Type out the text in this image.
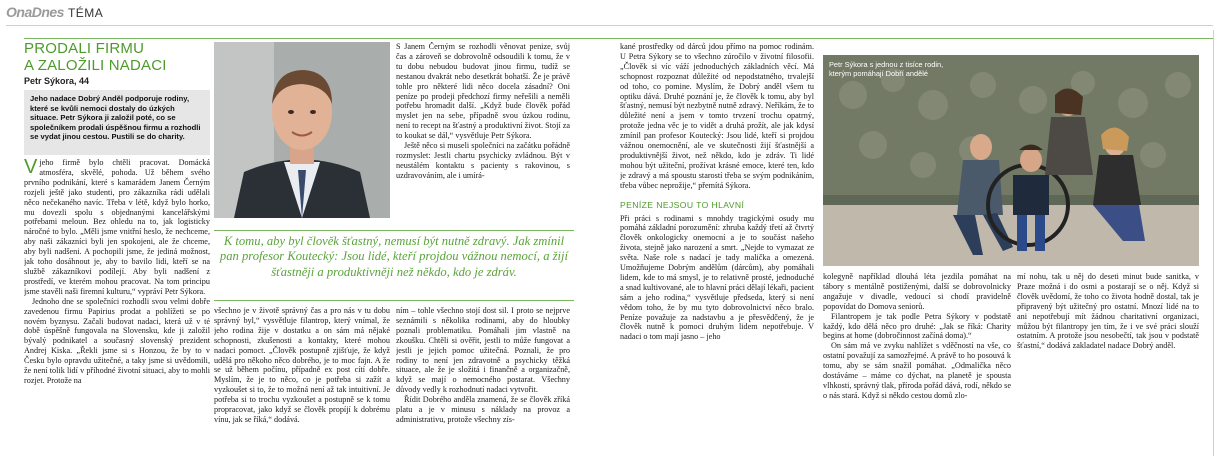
OnaDnes TÉMA
PRODALI FIRMU
A ZALOŽILI NADACI
Petr Sýkora, 44
Jeho nadace Dobrý Anděl podporuje rodiny, které se kvůli nemoci dostaly do úzkých situace. Petr Sýkora ji založil poté, co se společníkem prodali úspěšnou firmu a rozhodli se vydat jinou cestou. Pustili se do charity.

Vjeho firmě bylo chtěli pracovat. Domácká atmosféra, skvělé, pohoda. Už během svého prvního podnikání, které s kamarádem Janem Černým rozjeli ještě jako studenti, pro zákazníka rádi udělali něco nečekaného navíc. Třeba v létě, když bylo horko, mu dovezli spolu s objednanými kancelářskými potřebami meloun. Bez ohledu na to, jak logisticky náročné to bylo. „Měli jsme vnitřní heslo, že nechceme, aby naši zákazníci byli jen spokojeni, ale že chceme, aby byli nadšeni. A pochopili jsme, že jediná možnost, jak toho dosáhnout je, aby to bavilo lidi, kteří se na službě zákazníkovi podílejí. Aby byli nadšení z prostředí, ve kterém mohou pracovat. Na tom principu jsme stavěli naši firemní kulturu,“ vypráví Petr Sýkora.

Jednoho dne se společníci rozhodli svou velmi dobře zavedenou firmu Papirius prodat a pohlížeti se po novém byznysu. Začali budovat nadaci, která už v té době úspěšně fungovala na Slovensku, kde ji založil bývalý podnikatel a současný slovenský prezident Andrej Kiska. „Řekli jsme si s Honzou, že by to v Česku bylo opravdu užitečné, a taky jsme si uvědomili, že není tolik lidí v příhodné životní situaci, aby to mohli rozjet. Protože na

S Janem Černým se rozhodli věnovat penize, svůj čas a zároveň se dobrovolně odsoudili k tomu, že v tu dobu nebudou budovat jinou firmu, tudíž se nestanou dvakrát nebo desetkrát bohatší. Že je právě tohle pro některé lidi něco docela zásadní? Oni peníze po prodeji předchozí firmy neřešili a neměli potřebu hromadit další. „Když bude člověk pořád myslet jen na sebe, případně svou úzkou rodinu, není to recept na šťastný a produktivní život. Stojí za to koukat se dál,“ vysvětluje Petr Sýkora.

Ještě něco si museli společníci na začátku pořádně rozmyslet: Jestli chartu psychicky zvládnou. Být v neustálém kontaktu s pacienty s rakovinou, s uzdravováním, ale i umírá-

K tomu, aby byl člověk šťastný, nemusí být nutně zdravý. Jak zmínil pan profesor Koutecký: Jsou lidé, kteří projdou vážnou nemocí, a žijí šťastněji a produktivněji než někdo, kdo je zdráv.

všechno je v životě správný čas a pro nás v tu dobu správný byl,“ vysvětluje filantrop, který vnímal, že jeho rodina žije v dostatku a on sám má nějaké schopnosti, zkušenosti a kontakty, které mohou nadaci pomoct. „Člověk postupně zjišťuje, že když udělá pro někoho něco dobrého, je to moc fajn. A že se už během počínu, případně ex post cítí dobře. Myslím, že je to něco, co je potřeba si zažít a vyzkoušet si to, že to možná není až tak intuitivní. Je potřeba si to trochu vyzkoušet a postupně se k tomu propracovat, jako když se člověk propíjí k dobrému vínu, jak se říká,“ dodává.

ním – tohle všechno stojí dost sil. I proto se nejprve seznámili s několika rodinami, aby do hloubky poznali problematiku. Pomáhali jim vlastně na zkoušku. Chtěli si ověřit, jestli to může fungovat a jestli je jejich pomoc užitečná. Poznali, že pro rodiny to není jen zdravotně a psychicky těžká situace, ale že je složitá i finančně a organizačně, když se mají o nemocného postarat. Všechny důvody vedly k rozhodnutí nadaci vytvořit.

Řídit Dobrého anděla znamená, že se člověk zříká platu a je v minusu s náklady na provoz a administrativu, protože všechny zís-

kané prostředky od dárců jdou přímo na pomoc rodinám. U Petra Sýkory se to všechno zúročilo v životní filosofii. „Člověk si víc váží jednoduchých základních věcí. Má schopnost rozpoznat důležité od nepodstatného, trvalejší od toho, co pomine. Myslím, že Dobrý anděl všem tu optiku dává. Druhé poznání je, že člověk k tomu, aby byl šťastný, nemusí být nezbytně nutně zdravý. Neříkám, že to důležité není a jsem v tomto trvzení trochu opatrný, protože jedna věc je to vidět a druhá prožít, ale jak kdysí zmínil pan profesor Koutecký: Jsou lidé, kteří si projdou vážnou onemocnění, ale ve skutečnosti žijí šťastnější a produktivnější život, než někdo, kdo je zdráv. Ti lidé mohou být užiteční, prožívat krásné emoce, které ten, kdo je zdravý a má spoustu starostí třeba se svým podnikáním, třeba vůbec neprožije,“ přemítá Sýkora.

PENÍZE NEJSOU TO HLAVNÍ

Při práci s rodinami s mnohdy tragickými osudy mu pomáhá základní porozumění: zhruba každý třetí až čtvrtý člověk onkologicky onemocní a je to součást našeho života, stejně jako narození a smrt. „Nejde to vymazat ze světa. Naše role s nadací je tady malička a omezená. Umožňujeme Dobrým andělům (dárcům), aby pomáhali lidem, kde to má smysl, je to relativně prosté, jednoduché a snad kultivované, ale to hlavní práci dělají lékaři, pacient sám a jeho rodina,“ vysvětluje předseda, který si není vědom toho, že by mu tyto dobrovolnictví něco bralo. Peníze považuje za nadstavbu a je přesvědčený, že je člověk nutně k pomoci druhým lidem nepotřebuje. V nadaci o tom mají jasno – jeho

Petr Sýkora s jednou z tisíce rodin, kterým pomáhají Dobří andělé

kolegyně například dlouhá léta jezdila pomáhat na tábory s mentálně postiženými, další se dobrovolnicky angažuje v divadle, vedoucí si chodí pravidelně popovídat do Domova seniorů.

Filantropem je tak podle Petra Sýkory v podstatě každý, kdo dělá něco pro druhé: „Jak se říká: Charity begins at home (dobročinnost začíná doma).“

On sám má ve zvyku nahlížet s vděčností na vše, co ostatní považují za samozřejmé. A právě to ho posouvá k tomu, aby se sám snažil pomáhat. „Odmalička něco dostáváme – máme co dýchat, na planetě je spousta vlhkosti, správný tlak, příroda pořád dává, rodí, někdo se o nás stará. Když si někdo cestou domů zlo-

mí nohu, tak u něj do deseti minut bude sanitka, v Praze možná i do osmi a postarají se o něj. Když si člověk uvědomí, že toho co života hodně dostal, tak je připravený být užitečný pro ostatní. Mnozí lidé na to ani nepotřebují mít žádnou charitativní organizaci, můžou být filantropy jen tím, že i ve své práci slouží ostatním. A protože jsou nesobečtí, tak jsou v podstatě šťastní,“ dodává zakladatel nadace Dobrý anděl.
